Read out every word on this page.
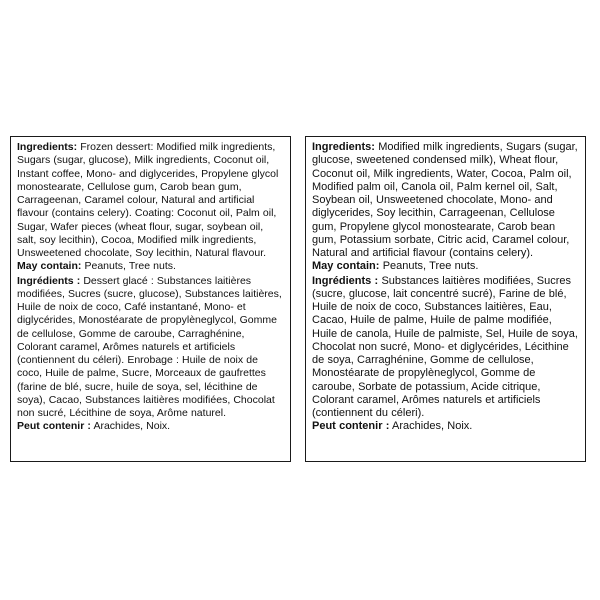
Ingredients: Frozen dessert: Modified milk ingredients, Sugars (sugar, glucose), Milk ingredients, Coconut oil, Instant coffee, Mono- and diglycerides, Propylene glycol monostearate, Cellulose gum, Carob bean gum, Carrageenan, Caramel colour, Natural and artificial flavour (contains celery). Coating: Coconut oil, Palm oil, Sugar, Wafer pieces (wheat flour, sugar, soybean oil, salt, soy lecithin), Cocoa, Modified milk ingredients, Unsweetened chocolate, Soy lecithin, Natural flavour.

May contain: Peanuts, Tree nuts.

Ingrédients : Dessert glacé : Substances laitières modifiées, Sucres (sucre, glucose), Substances laitières, Huile de noix de coco, Café instantané, Mono- et diglycérides, Monostéarate de propylèneglycol, Gomme de cellulose, Gomme de caroube, Carraghénine, Colorant caramel, Arômes naturels et artificiels (contiennent du céleri). Enrobage : Huile de noix de coco, Huile de palme, Sucre, Morceaux de gaufrettes (farine de blé, sucre, huile de soya, sel, lécithine de soya), Cacao, Substances laitières modifiées, Chocolat non sucré, Lécithine de soya, Arôme naturel.

Peut contenir : Arachides, Noix.

Ingredients: Modified milk ingredients, Sugars (sugar, glucose, sweetened condensed milk), Wheat flour, Coconut oil, Milk ingredients, Water, Cocoa, Palm oil, Modified palm oil, Canola oil, Palm kernel oil, Salt, Soybean oil, Unsweetened chocolate, Mono- and diglycerides, Soy lecithin, Carrageenan, Cellulose gum, Propylene glycol monostearate, Carob bean gum, Potassium sorbate, Citric acid, Caramel colour, Natural and artificial flavour (contains celery).

May contain: Peanuts, Tree nuts.

Ingrédients : Substances laitières modifiées, Sucres (sucre, glucose, lait concentré sucré), Farine de blé, Huile de noix de coco, Substances laitières, Eau, Cacao, Huile de palme, Huile de palme modifiée, Huile de canola, Huile de palmiste, Sel, Huile de soya, Chocolat non sucré, Mono- et diglycérides, Lécithine de soya, Carraghénine, Gomme de cellulose, Monostéarate de propylèneglycol, Gomme de caroube, Sorbate de potassium, Acide citrique, Colorant caramel, Arômes naturels et artificiels (contiennent du céleri).

Peut contenir : Arachides, Noix.
